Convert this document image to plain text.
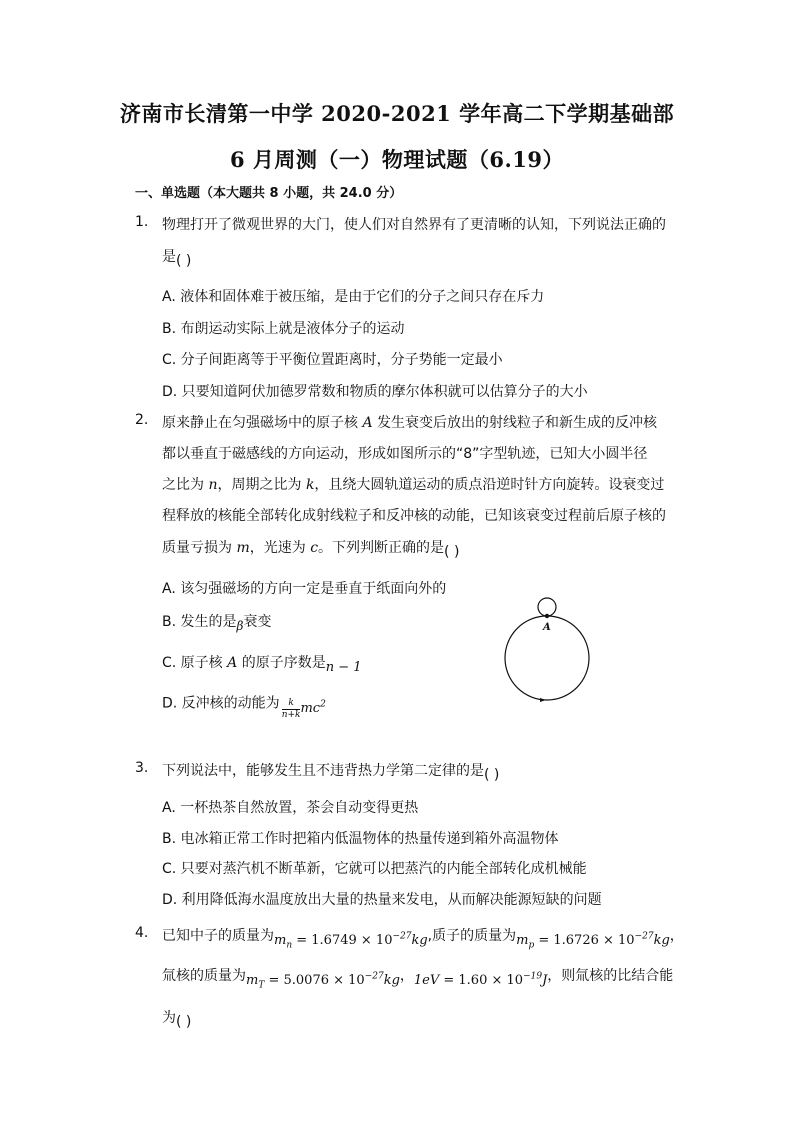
济南市长清第一中学 2020-2021 学年高二下学期基础部
6 月周测（一）物理试题（6.19）
一、单选题（本大题共 8 小题，共 24.0 分）
1. 物理打开了微观世界的大门，使人们对自然界有了更清晰的认知，下列说法正确的
是( )
A. 液体和固体难于被压缩，是由于它们的分子之间只存在斥力
B. 布朗运动实际上就是液体分子的运动
C. 分子间距离等于平衡位置距离时，分子势能一定最小
D. 只要知道阿伏加德罗常数和物质的摩尔体积就可以估算分子的大小
2. 原来静止在匀强磁场中的原子核 A 发生衰变后放出的射线粒子和新生成的反冲核
都以垂直于磁感线的方向运动，形成如图所示的“8”字型轨迹，已知大小圆半径
之比为 n，周期之比为 k，且绕大圆轨道运动的质点沿逆时针方向旋转。设衰变过
程释放的核能全部转化成射线粒子和反冲核的动能，已知该衰变过程前后原子核的
质量亏损为 m，光速为 c。下列判断正确的是( )
A. 该匀强磁场的方向一定是垂直于纸面向外的
B. 发生的是β衰变
C. 原子核 A 的原子序数是n − 1
D. 反冲核的动能为 $\frac{k}{n+k} mc^2$
A
3. 下列说法中，能够发生且不违背热力学第二定律的是( )
A. 一杯热茶自然放置，茶会自动变得更热
B. 电冰箱正常工作时把箱内低温物体的热量传递到箱外高温物体
C. 只要对蒸汽机不断革新，它就可以把蒸汽的内能全部转化成机械能
D. 利用降低海水温度放出大量的热量来发电，从而解决能源短缺的问题
4. 已知中子的质量为$m_n = 1.6749 \times 10^{-27}kg$,质子的质量为$m_p = 1.6726 \times 10^{-27}kg$，
氚核的质量为$m_T = 5.0076 \times 10^{-27}kg$，$1eV = 1.60 \times 10^{-19}J$，则氚核的比结合能
为( )
